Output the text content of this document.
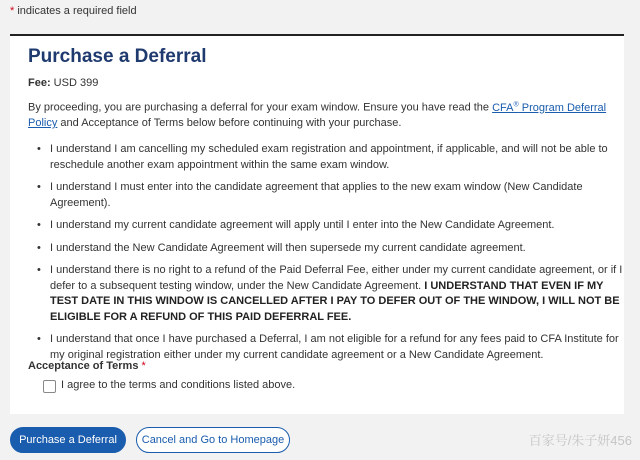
* indicates a required field
Purchase a Deferral
Fee: USD 399
By proceeding, you are purchasing a deferral for your exam window. Ensure you have read the CFA® Program Deferral Policy and Acceptance of Terms below before continuing with your purchase.
• I understand I am cancelling my scheduled exam registration and appointment, if applicable, and will not be able to reschedule another exam appointment within the same exam window.
• I understand I must enter into the candidate agreement that applies to the new exam window (New Candidate Agreement).
• I understand my current candidate agreement will apply until I enter into the New Candidate Agreement.
• I understand the New Candidate Agreement will then supersede my current candidate agreement.
• I understand there is no right to a refund of the Paid Deferral Fee, either under my current candidate agreement, or if I defer to a subsequent testing window, under the New Candidate Agreement. I UNDERSTAND THAT EVEN IF MY TEST DATE IN THIS WINDOW IS CANCELLED AFTER I PAY TO DEFER OUT OF THE WINDOW, I WILL NOT BE ELIGIBLE FOR A REFUND OF THIS PAID DEFERRAL FEE.
• I understand that once I have purchased a Deferral, I am not eligible for a refund for any fees paid to CFA Institute for my original registration either under my current candidate agreement or a New Candidate Agreement.
Acceptance of Terms *
I agree to the terms and conditions listed above.
Purchase a Deferral	Cancel and Go to Homepage	百家号/朱子妍456
